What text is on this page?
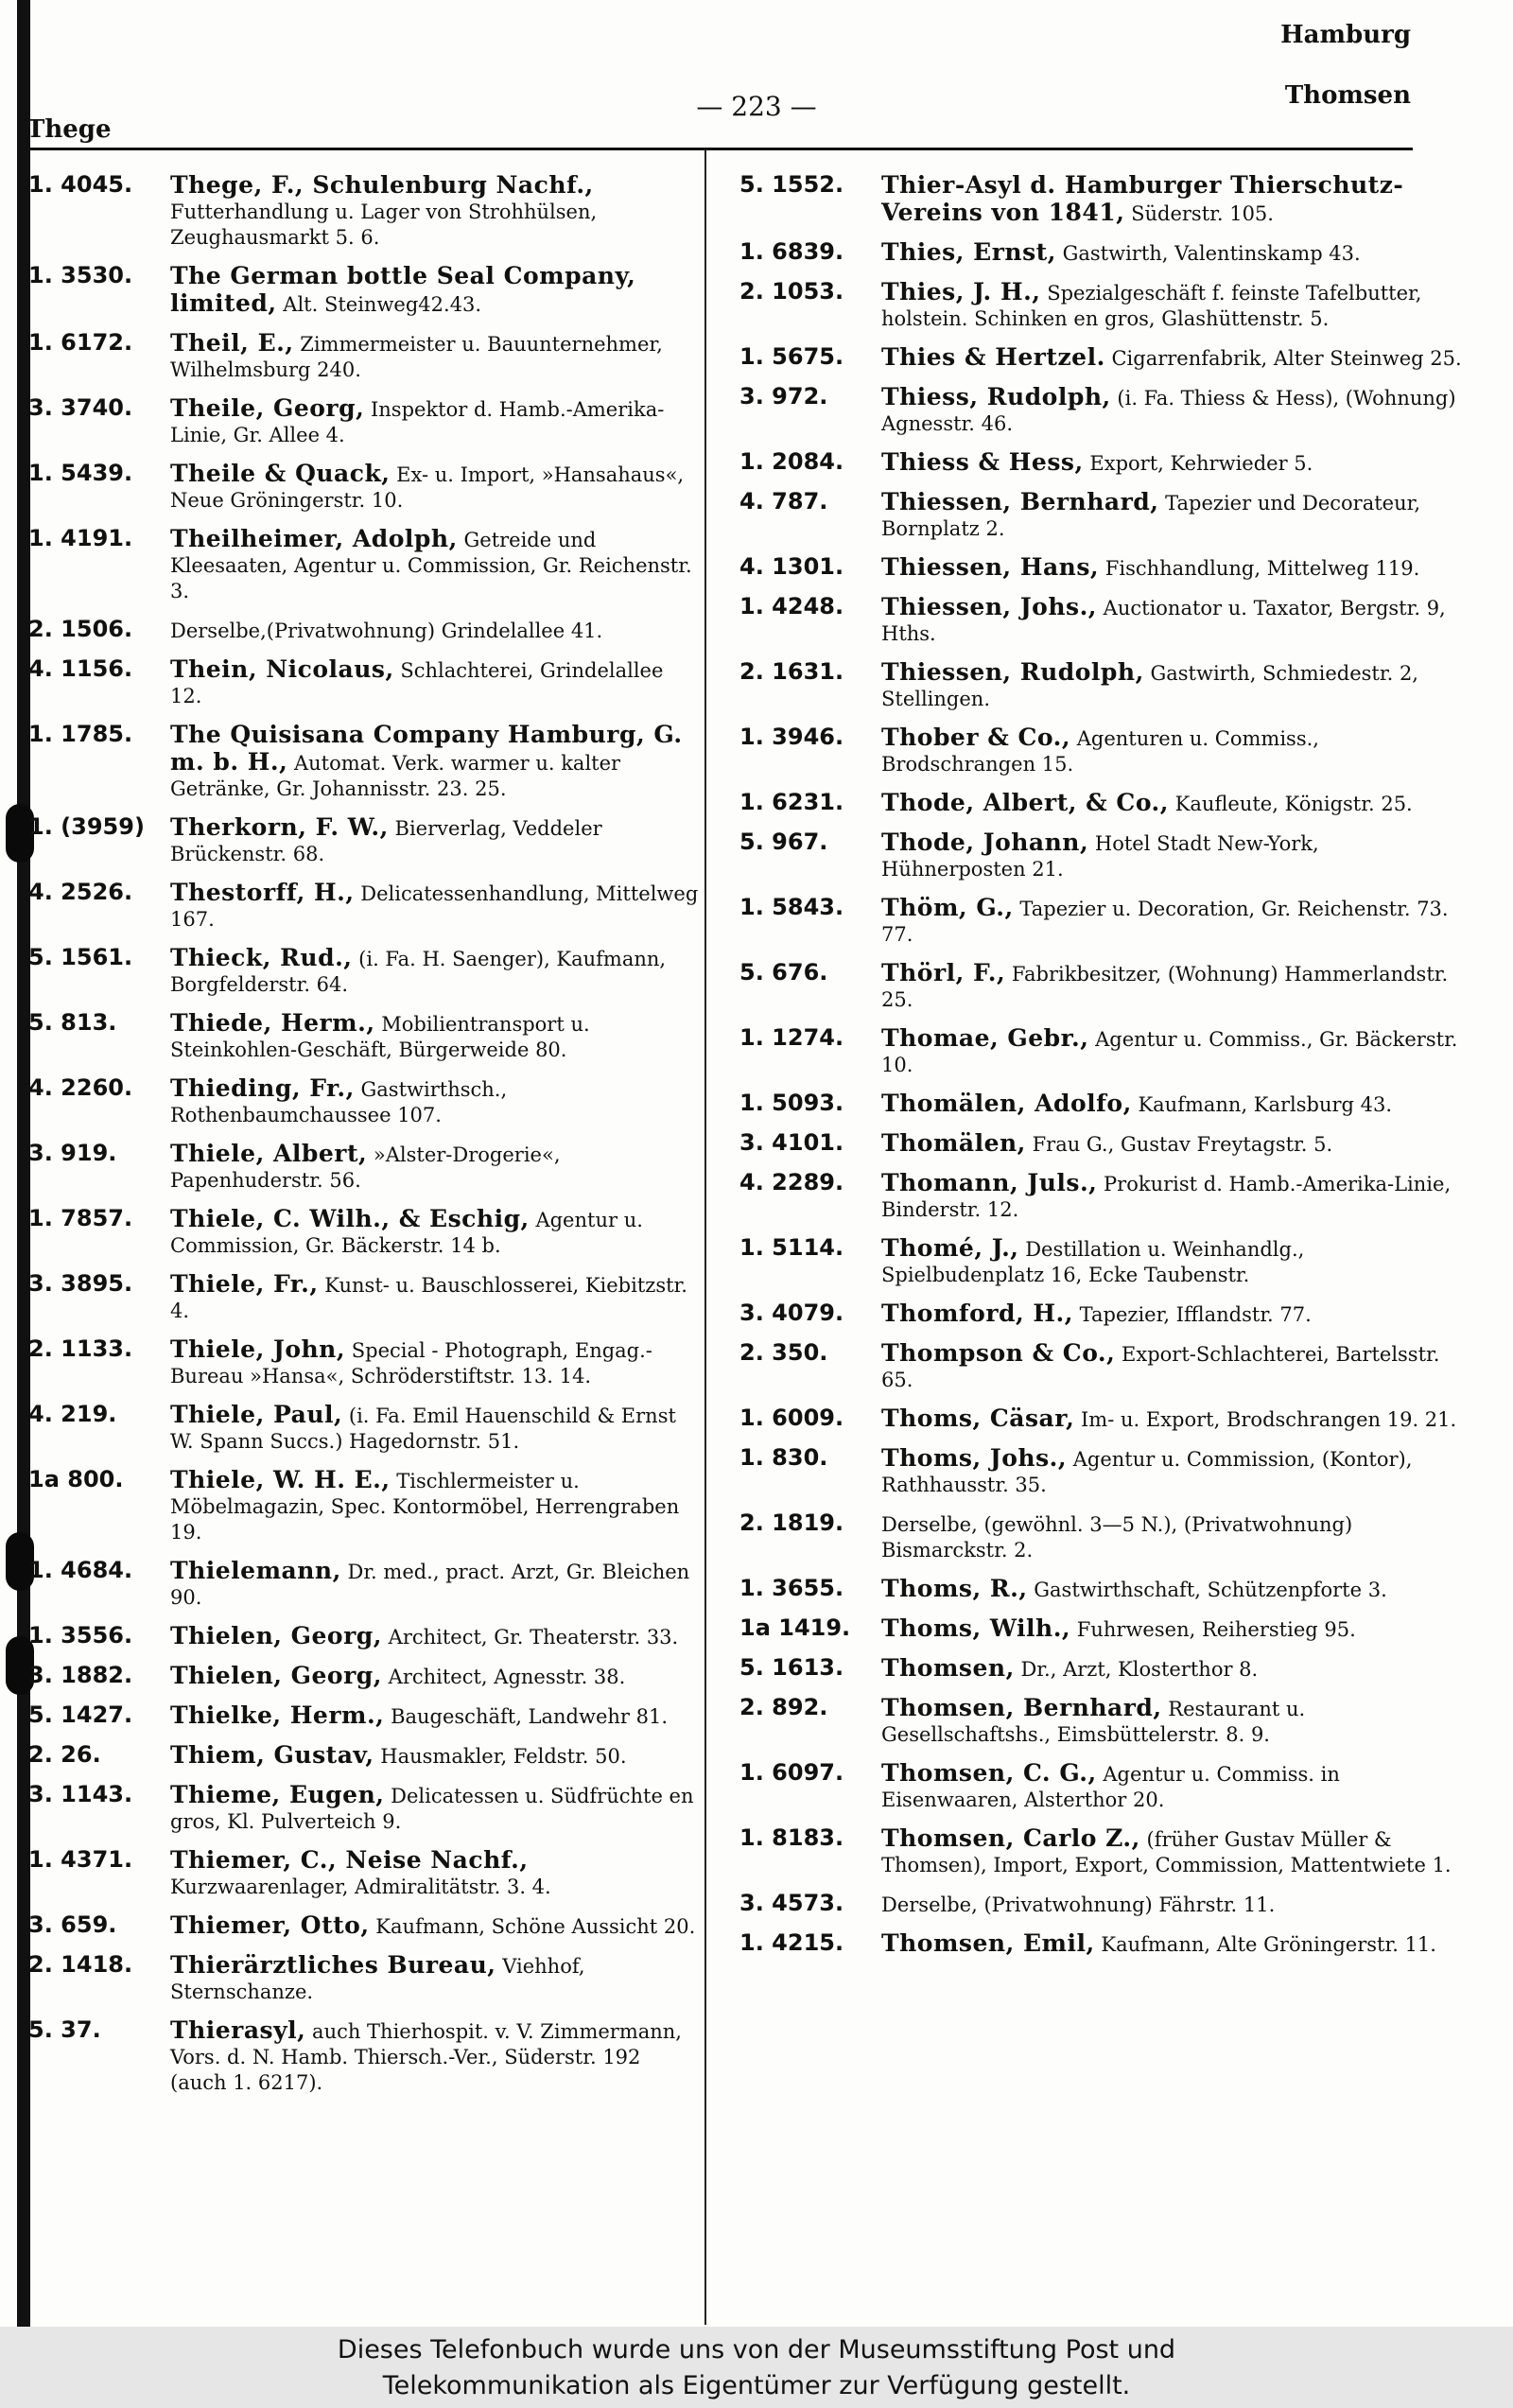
Hamburg
Thege
— 223 —	Thomsen
1. 4045.	Thege, F., Schulenburg Nachf., Futterhandlung u. Lager von Strohhülsen, Zeughausmarkt 5. 6.
1. 3530.	The German bottle Seal Company, limited, Alt. Steinweg42.43.
1. 6172.	Theil, E., Zimmermeister u. Bauunternehmer, Wilhelmsburg 240.
3. 3740.	Theile, Georg, Inspektor d. Hamb.-Amerika-Linie, Gr. Allee 4.
1. 5439.	Theile & Quack, Ex- u. Import, »Hansahaus«, Neue Gröningerstr. 10.
1. 4191.	Theilheimer, Adolph, Getreide und Kleesaaten, Agentur u. Commission, Gr. Reichenstr. 3.
2. 1506.	Derselbe,(Privatwohnung) Grindelallee 41.
4. 1156.	Thein, Nicolaus, Schlachterei, Grindelallee 12.
1. 1785.	The Quisisana Company Hamburg, G. m. b. H., Automat. Verk. warmer u. kalter Getränke, Gr. Johannisstr. 23. 25.
1. (3959)	Therkorn, F. W., Bierverlag, Veddeler Brückenstr. 68.
4. 2526.	Thestorff, H., Delicatessenhandlung, Mittelweg 167.
5. 1561.	Thieck, Rud., (i. Fa. H. Saenger), Kaufmann, Borgfelderstr. 64.
5. 813.	Thiede, Herm., Mobilientransport u. Steinkohlen-Geschäft, Bürgerweide 80.
4. 2260.	Thieding, Fr., Gastwirthsch., Rothenbaumchaussee 107.
3. 919.	Thiele, Albert, »Alster-Drogerie«, Papenhuderstr. 56.
1. 7857.	Thiele, C. Wilh., & Eschig, Agentur u. Commission, Gr. Bäckerstr. 14 b.
3. 3895.	Thiele, Fr., Kunst- u. Bauschlosserei, Kiebitzstr. 4.
2. 1133.	Thiele, John, Special - Photograph, Engag.-Bureau »Hansa«, Schröderstiftstr. 13. 14.
4. 219.	Thiele, Paul, (i. Fa. Emil Hauenschild & Ernst W. Spann Succs.) Hagedornstr. 51.
1a 800.	Thiele, W. H. E., Tischlermeister u. Möbelmagazin, Spec. Kontormöbel, Herrengraben 19.
1. 4684.	Thielemann, Dr. med., pract. Arzt, Gr. Bleichen 90.
1. 3556.	Thielen, Georg, Architect, Gr. Theaterstr. 33.
3. 1882.	Thielen, Georg, Architect, Agnesstr. 38.
5. 1427.	Thielke, Herm., Baugeschäft, Landwehr 81.
2. 26.	Thiem, Gustav, Hausmakler, Feldstr. 50.
3. 1143.	Thieme, Eugen, Delicatessen u. Südfrüchte en gros, Kl. Pulverteich 9.
1. 4371.	Thiemer, C., Neise Nachf., Kurzwaarenlager, Admiralitätstr. 3. 4.
3. 659.	Thiemer, Otto, Kaufmann, Schöne Aussicht 20.
2. 1418.	Thierärztliches Bureau, Viehhof, Sternschanze.
5. 37.	Thierasyl, auch Thierhospit. v. V. Zimmermann, Vors. d. N. Hamb. Thiersch.-Ver., Süderstr. 192 (auch 1. 6217).
5. 1552.	Thier-Asyl d. Hamburger Thierschutz-Vereins von 1841, Süderstr. 105.
1. 6839.	Thies, Ernst, Gastwirth, Valentinskamp 43.
2. 1053.	Thies, J. H., Spezialgeschäft f. feinste Tafelbutter, holstein. Schinken en gros, Glashüttenstr. 5.
1. 5675.	Thies & Hertzel. Cigarrenfabrik, Alter Steinweg 25.
3. 972.	Thiess, Rudolph, (i. Fa. Thiess & Hess), (Wohnung) Agnesstr. 46.
1. 2084.	Thiess & Hess, Export, Kehrwieder 5.
4. 787.	Thiessen, Bernhard, Tapezier und Decorateur, Bornplatz 2.
4. 1301.	Thiessen, Hans, Fischhandlung, Mittelweg 119.
1. 4248.	Thiessen, Johs., Auctionator u. Taxator, Bergstr. 9, Hths.
2. 1631.	Thiessen, Rudolph, Gastwirth, Schmiedestr. 2, Stellingen.
1. 3946.	Thober & Co., Agenturen u. Commiss., Brodschrangen 15.
1. 6231.	Thode, Albert, & Co., Kaufleute, Königstr. 25.
5. 967.	Thode, Johann, Hotel Stadt New-York, Hühnerposten 21.
1. 5843.	Thöm, G., Tapezier u. Decoration, Gr. Reichenstr. 73. 77.
5. 676.	Thörl, F., Fabrikbesitzer, (Wohnung) Hammerlandstr. 25.
1. 1274.	Thomae, Gebr., Agentur u. Commiss., Gr. Bäckerstr. 10.
1. 5093.	Thomälen, Adolfo, Kaufmann, Karlsburg 43.
3. 4101.	Thomälen, Frau G., Gustav Freytagstr. 5.
4. 2289.	Thomann, Juls., Prokurist d. Hamb.-Amerika-Linie, Binderstr. 12.
1. 5114.	Thomé, J., Destillation u. Weinhandlg., Spielbudenplatz 16, Ecke Taubenstr.
3. 4079.	Thomford, H., Tapezier, Ifflandstr. 77.
2. 350.	Thompson & Co., Export-Schlachterei, Bartelsstr. 65.
1. 6009.	Thoms, Cäsar, Im- u. Export, Brodschrangen 19. 21.
1. 830.	Thoms, Johs., Agentur u. Commission, (Kontor), Rathhausstr. 35.
2. 1819.	Derselbe, (gewöhnl. 3—5 N.), (Privatwohnung) Bismarckstr. 2.
1. 3655.	Thoms, R., Gastwirthschaft, Schützenpforte 3.
1a 1419.	Thoms, Wilh., Fuhrwesen, Reiherstieg 95.
5. 1613.	Thomsen, Dr., Arzt, Klosterthor 8.
2. 892.	Thomsen, Bernhard, Restaurant u. Gesellschaftshs., Eimsbüttelerstr. 8. 9.
1. 6097.	Thomsen, C. G., Agentur u. Commiss. in Eisenwaaren, Alsterthor 20.
1. 8183.	Thomsen, Carlo Z., (früher Gustav Müller & Thomsen), Import, Export, Commission, Mattentwiete 1.
3. 4573.	Derselbe, (Privatwohnung) Fährstr. 11.
1. 4215.	Thomsen, Emil, Kaufmann, Alte Gröningerstr. 11.
Dieses Telefonbuch wurde uns von der Museumsstiftung Post und
Telekommunikation als Eigentümer zur Verfügung gestellt.
